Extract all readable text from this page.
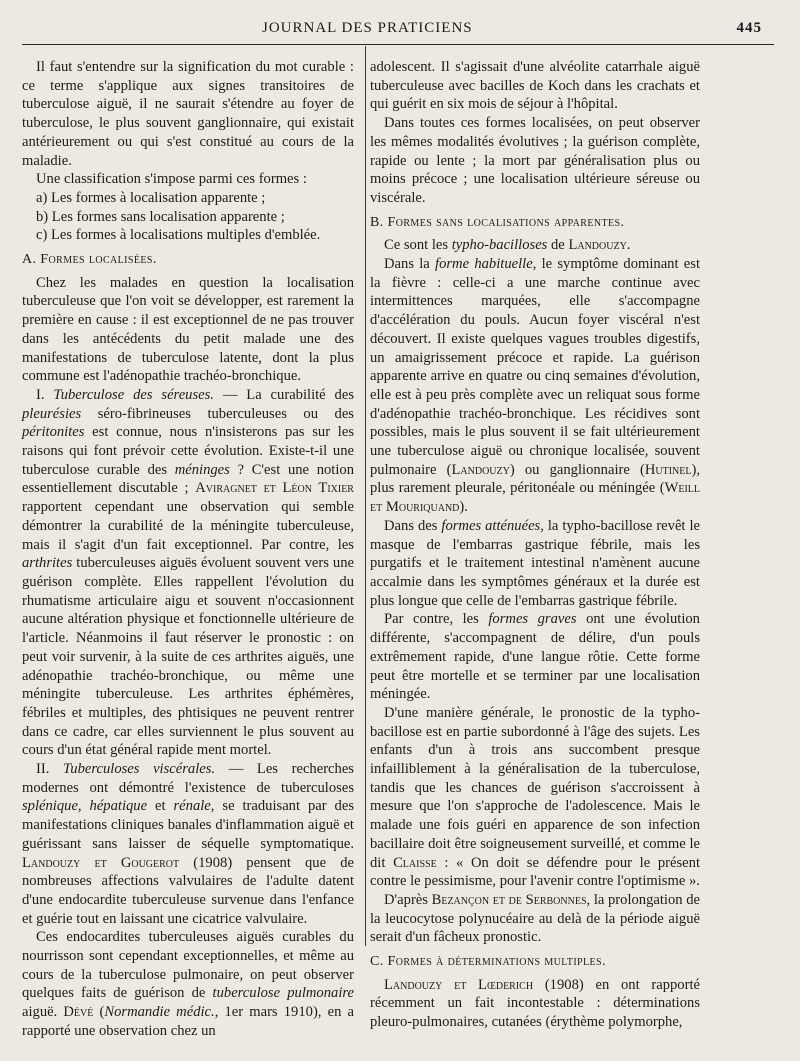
JOURNAL DES PRATICIENS	445

Il faut s'entendre sur la signification du mot curable : ce terme s'applique aux signes transitoires de tuberculose aiguë, il ne saurait s'étendre au foyer de tuberculose, le plus souvent ganglionnaire, qui existait antérieurement ou qui s'est constitué au cours de la maladie.

Une classification s'impose parmi ces formes :

a) Les formes à localisation apparente ;

b) Les formes sans localisation apparente ;

c) Les formes à localisations multiples d'emblée.

A. Formes localisées.

Chez les malades en question la localisation tuberculeuse que l'on voit se développer, est rarement la première en cause : il est exceptionnel de ne pas trouver dans les antécédents du petit malade une des manifestations de tuberculose latente, dont la plus commune est l'adénopathie trachéo-bronchique.

I. Tuberculose des séreuses. — La curabilité des pleurésies séro-fibrineuses tuberculeuses ou des péritonites est connue, nous n'insisterons pas sur les raisons qui font prévoir cette évolution. Existe-t-il une tuberculose curable des méninges ? C'est une notion essentiellement discutable ; Aviragnet et Léon Tixier rapportent cependant une observation qui semble démontrer la curabilité de la méningite tuberculeuse, mais il s'agit d'un fait exceptionnel. Par contre, les arthrites tuberculeuses aiguës évoluent souvent vers une guérison complète. Elles rappellent l'évolution du rhumatisme articulaire aigu et souvent n'occasionnent aucune altération physique et fonctionnelle ultérieure de l'article. Néanmoins il faut réserver le pronostic : on peut voir survenir, à la suite de ces arthrites aiguës, une adénopathie trachéo-bronchique, ou même une méningite tuberculeuse. Les arthrites éphémères, fébriles et multiples, des phtisiques ne peuvent rentrer dans ce cadre, car elles surviennent le plus souvent au cours d'un état général rapide ment mortel.

II. Tuberculoses viscérales. — Les recherches modernes ont démontré l'existence de tuberculoses splénique, hépatique et rénale, se traduisant par des manifestations cliniques banales d'inflammation aiguë et guérissant sans laisser de séquelle symptomatique. Landouzy et Gougerot (1908) pensent que de nombreuses affections valvulaires de l'adulte datent d'une endocardite tuberculeuse survenue dans l'enfance et guérie tout en laissant une cicatrice valvulaire.

Ces endocardites tuberculeuses aiguës curables du nourrisson sont cependant exceptionnelles, et même au cours de la tuberculose pulmonaire, on peut observer quelques faits de guérison de tuberculose pulmonaire aiguë. Dévé (Normandie médic., 1er mars 1910), en a rapporté une observation chez un

adolescent. Il s'agissait d'une alvéolite catarrhale aiguë tuberculeuse avec bacilles de Koch dans les crachats et qui guérit en six mois de séjour à l'hôpital.

Dans toutes ces formes localisées, on peut observer les mêmes modalités évolutives ; la guérison complète, rapide ou lente ; la mort par généralisation plus ou moins précoce ; une localisation ultérieure séreuse ou viscérale.

B. Formes sans localisations apparentes.

Ce sont les typho-bacilloses de Landouzy.

Dans la forme habituelle, le symptôme dominant est la fièvre : celle-ci a une marche continue avec intermittences marquées, elle s'accompagne d'accélération du pouls. Aucun foyer viscéral n'est découvert. Il existe quelques vagues troubles digestifs, un amaigrissement précoce et rapide. La guérison apparente arrive en quatre ou cinq semaines d'évolution, elle est à peu près complète avec un reliquat sous forme d'adénopathie trachéo-bronchique. Les récidives sont possibles, mais le plus souvent il se fait ultérieurement une tuberculose aiguë ou chronique localisée, souvent pulmonaire (Landouzy) ou ganglionnaire (Hutinel), plus rarement pleurale, péritonéale ou méningée (Weill et Mouriquand).

Dans des formes atténuées, la typho-bacillose revêt le masque de l'embarras gastrique fébrile, mais les purgatifs et le traitement intestinal n'amènent aucune accalmie dans les symptômes généraux et la durée est plus longue que celle de l'embarras gastrique fébrile.

Par contre, les formes graves ont une évolution différente, s'accompagnent de délire, d'un pouls extrêmement rapide, d'une langue rôtie. Cette forme peut être mortelle et se terminer par une localisation méningée.

D'une manière générale, le pronostic de la typho-bacillose est en partie subordonné à l'âge des sujets. Les enfants d'un à trois ans succombent presque infailliblement à la généralisation de la tuberculose, tandis que les chances de guérison s'accroissent à mesure que l'on s'approche de l'adolescence. Mais le malade une fois guéri en apparence de son infection bacillaire doit être soigneusement surveillé, et comme le dit Claisse : « On doit se défendre pour le présent contre le pessimisme, pour l'avenir contre l'optimisme ».

D'après Bezançon et de Serbonnes, la prolongation de la leucocytose polynucéaire au delà de la période aiguë serait d'un fâcheux pronostic.

C. Formes à déterminations multiples.

Landouzy et Lœderich (1908) en ont rapporté récemment un fait incontestable : déterminations pleuro-pulmonaires, cutanées (érythème polymorphe,
